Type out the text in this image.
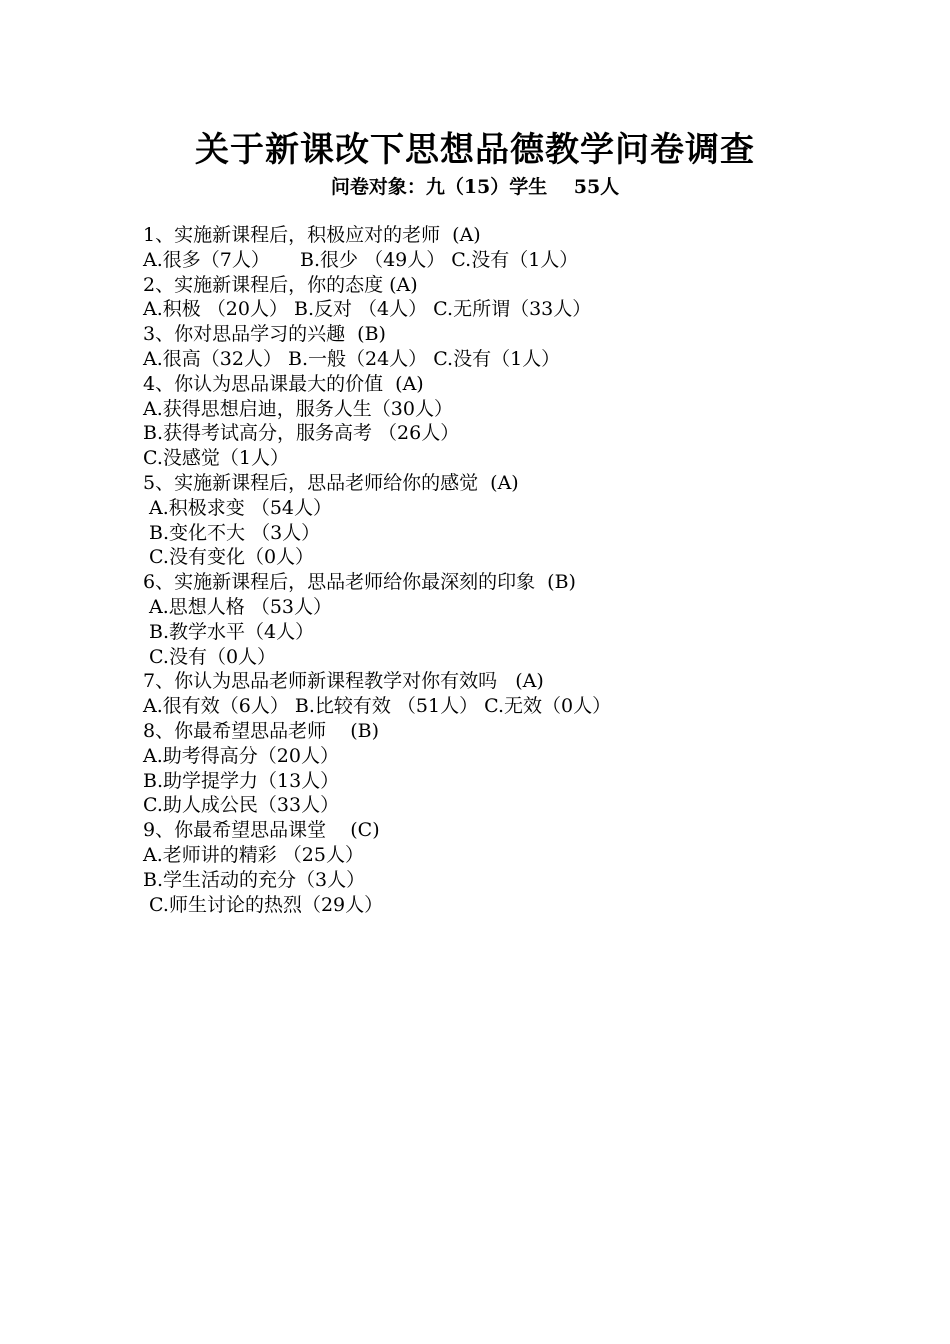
关于新课改下思想品德教学问卷调查
问卷对象：九（15）学生    55人
1、实施新课程后，积极应对的老师  (A)
A.很多（7人）     B.很少 （49人） C.没有（1人）
2、实施新课程后，你的态度 (A)
A.积极 （20人） B.反对 （4人） C.无所谓（33人）
3、你对思品学习的兴趣  (B)
A.很高（32人） B.一般（24人） C.没有（1人）
4、你认为思品课最大的价值  (A)
A.获得思想启迪，服务人生（30人）
B.获得考试高分，服务高考 （26人）
C.没感觉（1人）
5、实施新课程后，思品老师给你的感觉  (A)
A.积极求变 （54人）
B.变化不大 （3人）
C.没有变化（0人）
6、实施新课程后，思品老师给你最深刻的印象  (B)
A.思想人格 （53人）
B.教学水平（4人）
C.没有（0人）
7、你认为思品老师新课程教学对你有效吗   (A)
A.很有效（6人） B.比较有效 （51人） C.无效（0人）
8、你最希望思品老师    (B)
A.助考得高分（20人）
B.助学提学力（13人）
C.助人成公民（33人）
9、你最希望思品课堂    (C)
A.老师讲的精彩 （25人）
B.学生活动的充分（3人）
C.师生讨论的热烈（29人）
